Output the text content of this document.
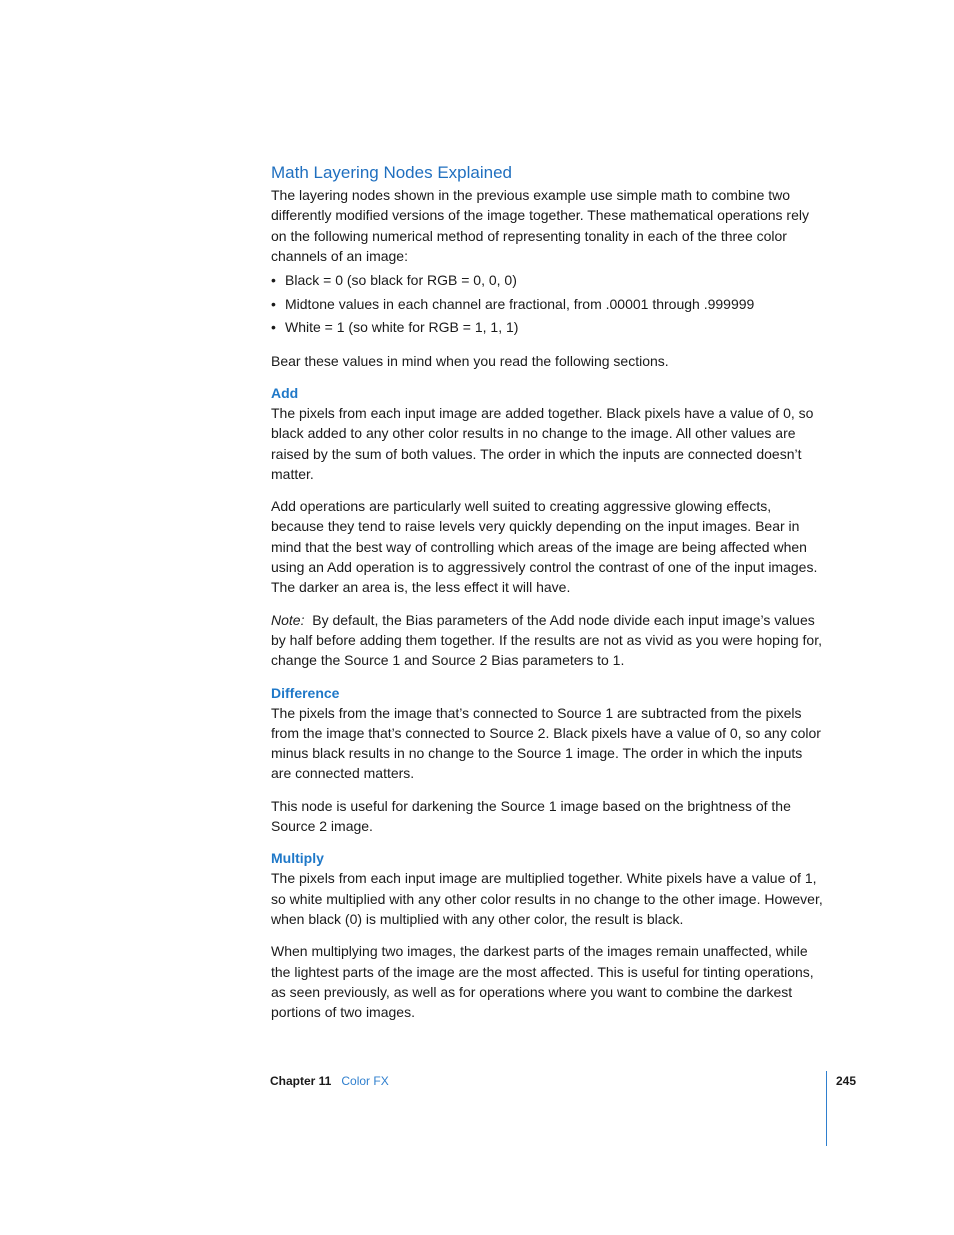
Math Layering Nodes Explained

The layering nodes shown in the previous example use simple math to combine two differently modified versions of the image together. These mathematical operations rely on the following numerical method of representing tonality in each of the three color channels of an image:

• Black = 0 (so black for RGB = 0, 0, 0)
• Midtone values in each channel are fractional, from .00001 through .999999
• White = 1 (so white for RGB = 1, 1, 1)

Bear these values in mind when you read the following sections.

Add

The pixels from each input image are added together. Black pixels have a value of 0, so black added to any other color results in no change to the image. All other values are raised by the sum of both values. The order in which the inputs are connected doesn’t matter.

Add operations are particularly well suited to creating aggressive glowing effects, because they tend to raise levels very quickly depending on the input images. Bear in mind that the best way of controlling which areas of the image are being affected when using an Add operation is to aggressively control the contrast of one of the input images. The darker an area is, the less effect it will have.

Note: By default, the Bias parameters of the Add node divide each input image’s values by half before adding them together. If the results are not as vivid as you were hoping for, change the Source 1 and Source 2 Bias parameters to 1.

Difference

The pixels from the image that’s connected to Source 1 are subtracted from the pixels from the image that’s connected to Source 2. Black pixels have a value of 0, so any color minus black results in no change to the Source 1 image. The order in which the inputs are connected matters.

This node is useful for darkening the Source 1 image based on the brightness of the Source 2 image.

Multiply

The pixels from each input image are multiplied together. White pixels have a value of 1, so white multiplied with any other color results in no change to the other image. However, when black (0) is multiplied with any other color, the result is black.

When multiplying two images, the darkest parts of the images remain unaffected, while the lightest parts of the image are the most affected. This is useful for tinting operations, as seen previously, as well as for operations where you want to combine the darkest portions of two images.

Chapter 11 Color FX	245
